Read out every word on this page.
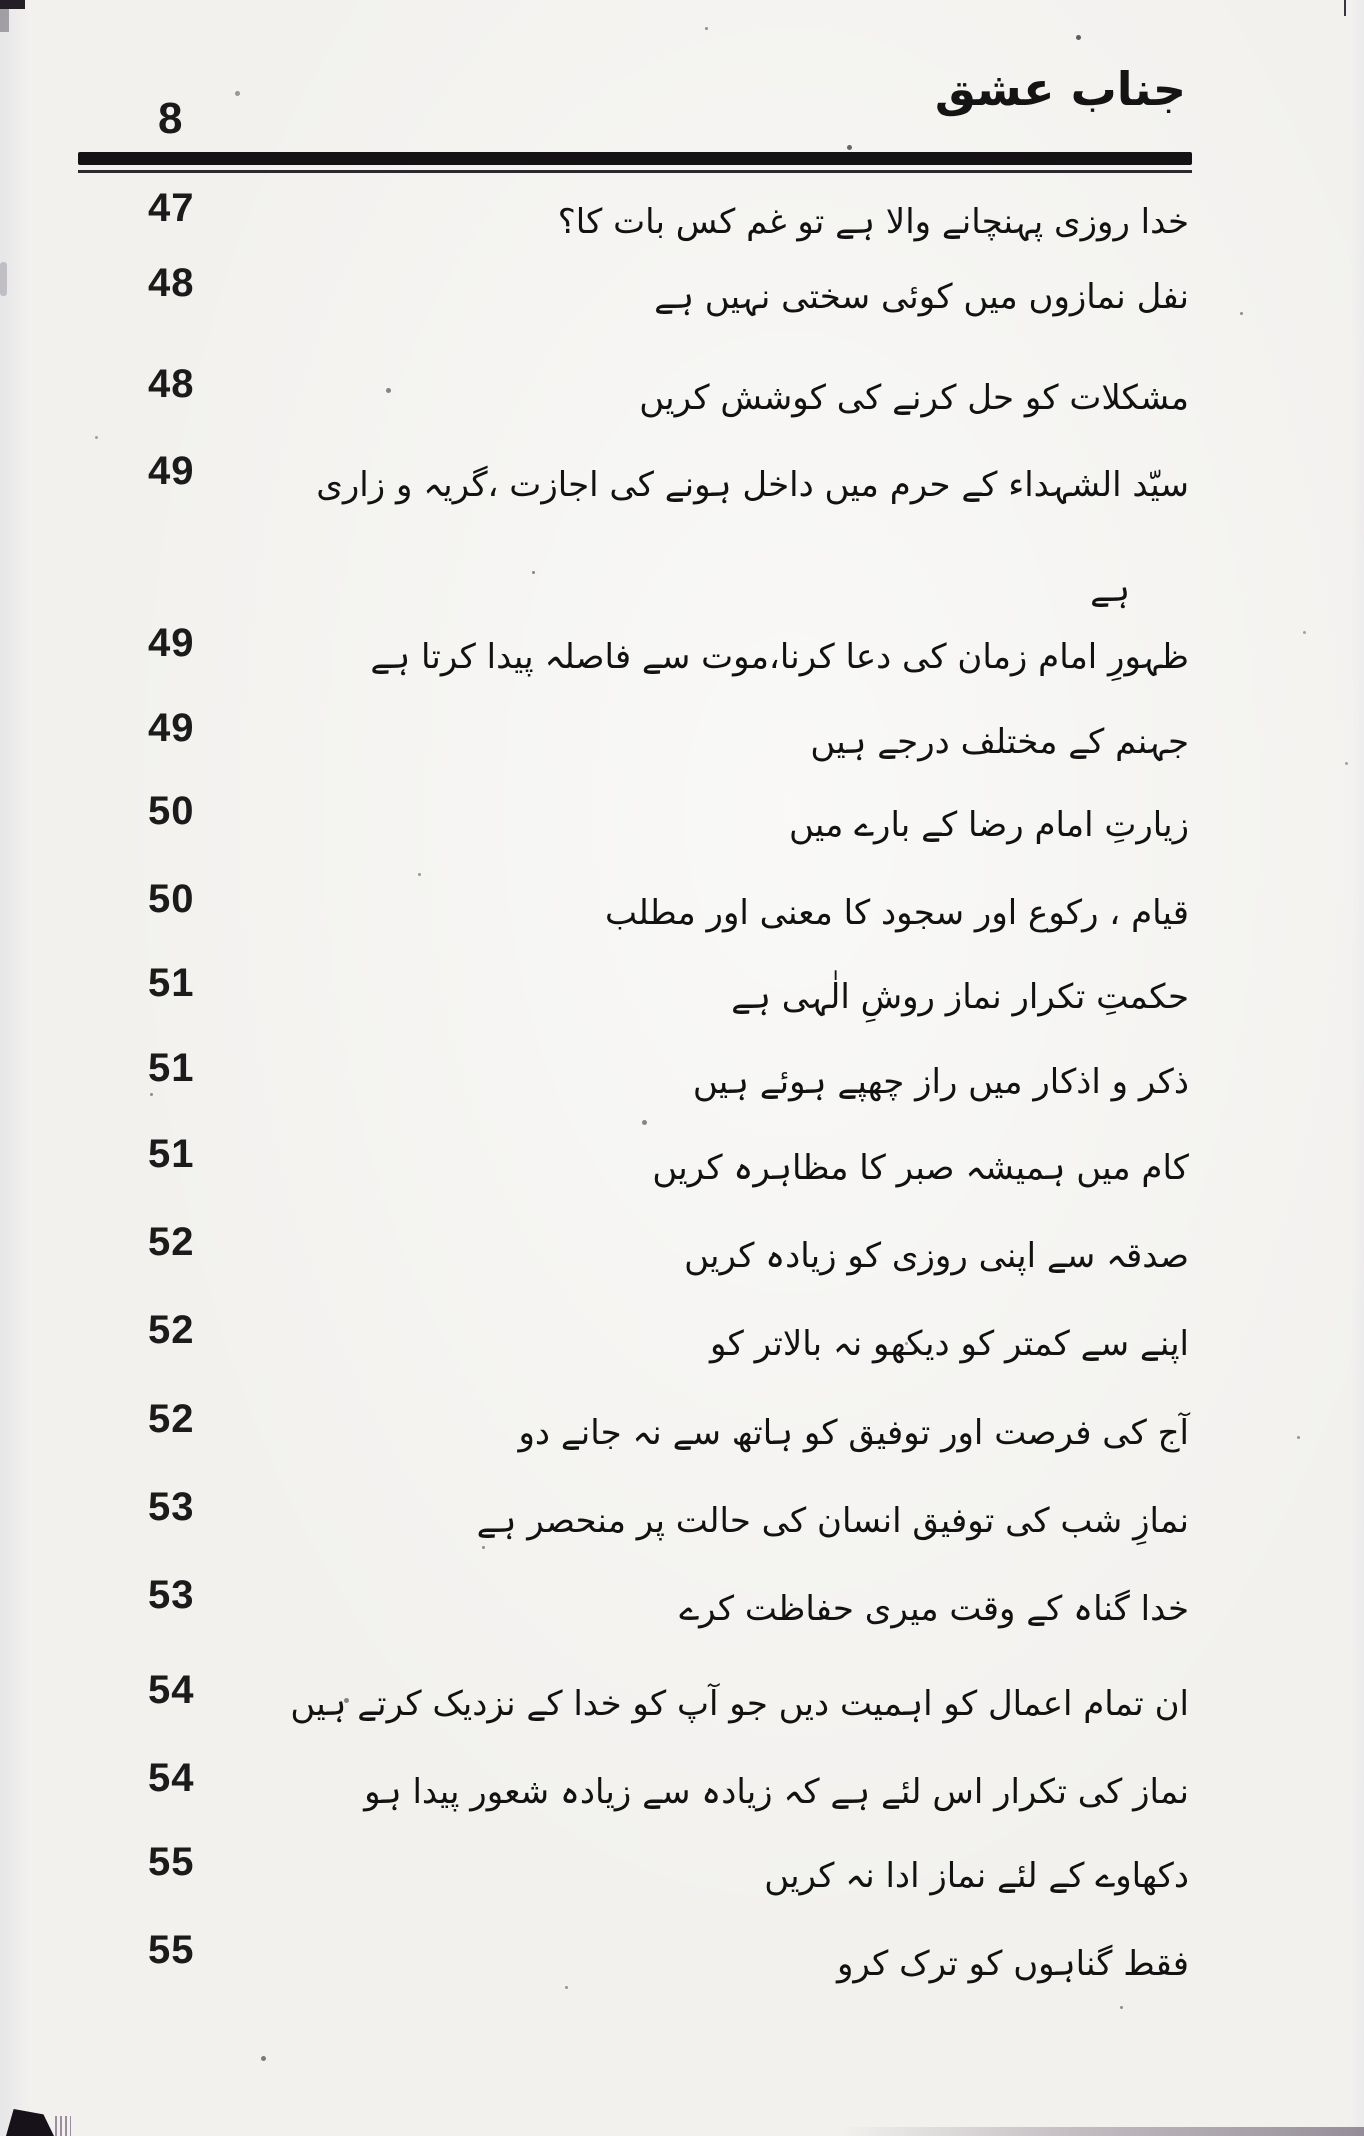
8
جناب عشق
47	خدا روزی پہنچانے والا ہے تو غم کس بات کا؟
48	نفل نمازوں میں کوئی سختی نہیں ہے
48	مشکلات کو حل کرنے کی کوشش کریں
49	سیّد الشہداء کے حرم میں داخل ہونے کی اجازت ،گریہ و زاری
ہے
49	ظہورِ امام زمان کی دعا کرنا،موت سے فاصلہ پیدا کرتا ہے
49	جہنم کے مختلف درجے ہیں
50	زیارتِ امام رضا کے بارے میں
50	قیام ، رکوع اور سجود کا معنی اور مطلب
51	حکمتِ تکرار نماز روشِ الٰہی ہے
51	ذکر و اذکار میں راز چھپے ہوئے ہیں
51	کام میں ہمیشہ صبر کا مظاہرہ کریں
52	صدقہ سے اپنی روزی کو زیادہ کریں
52	اپنے سے کمتر کو دیکھو نہ بالاتر کو
52	آج کی فرصت اور توفیق کو ہاتھ سے نہ جانے دو
53	نمازِ شب کی توفیق انسان کی حالت پر منحصر ہے
53	خدا گناہ کے وقت میری حفاظت کرے
54	ان تمام اعمال کو اہمیت دیں جو آپ کو خدا کے نزدیک کرتے ہیں
54	نماز کی تکرار اس لئے ہے کہ زیادہ سے زیادہ شعور پیدا ہو
55	دکھاوے کے لئے نماز ادا نہ کریں
55	فقط گناہوں کو ترک کرو
